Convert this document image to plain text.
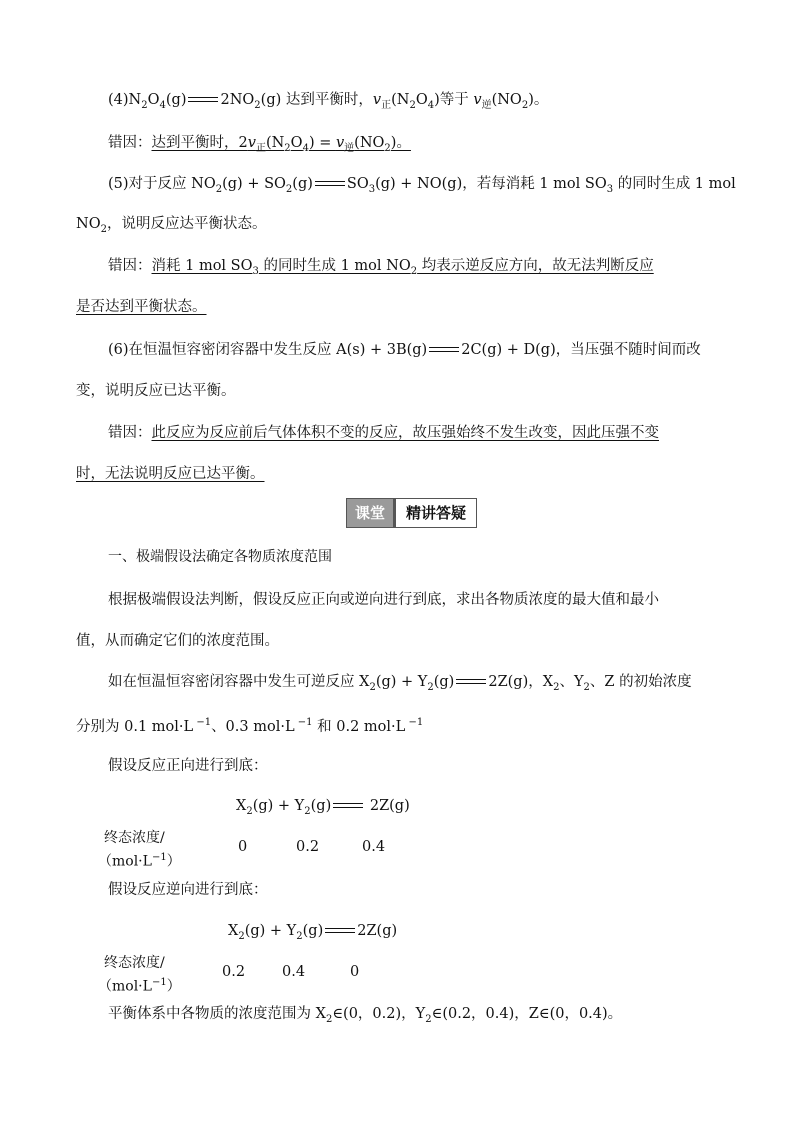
$(4)N_2O_4(g)$ $2NO_2(g)$ 达到平衡时，$v_正(N_2O_4)$等于 $v_逆(NO_2)$。
错因：达到平衡时，$2v_正(N_2O_4) = v_逆(NO_2)$。
(5)对于反应 $NO_2(g) + SO_2(g) SO_3(g) + NO(g)$，若每消耗 1 mol $SO_3$ 的同时生成 1 mol
$NO_2$，说明反应达平衡状态。
错因：消耗 1 mol $SO_3$ 的同时生成 1 mol $NO_2$ 均表示逆反应方向，故无法判断反应
是否达到平衡状态。
(6)在恒温恒容密闭容器中发生反应 A(s) + 3B(g) 2C(g) + D(g)，当压强不随时间而改
变，说明反应已达平衡。
错因：此反应为反应前后气体体积不变的反应，故压强始终不发生改变，因此压强不变
时，无法说明反应已达平衡。
课堂	精讲答疑
一、极端假设法确定各物质浓度范围
根据极端假设法判断，假设反应正向或逆向进行到底，求出各物质浓度的最大值和最小
值，从而确定它们的浓度范围。
如在恒温恒容密闭容器中发生可逆反应 $X_2(g) + Y_2(g)$ 2Z(g)，$X_2$、$Y_2$、Z 的初始浓度
分别为 0.1 mol·L $^{-1}$、0.3 mol·L $^{-1}$ 和 0.2 mol·L $^{-1}$
假设反应正向进行到底：
$X_2(g) + Y_2(g)$ 2Z(g)
终态浓度/
$(mol\cdot L^{-1})$
0	0.2	0.4
假设反应逆向进行到底：
$X_2(g) + Y_2(g)$ 2Z(g)
终态浓度/
$(mol\cdot L^{-1})$
0.2	0.4	0
平衡体系中各物质的浓度范围为 $X_2\in(0$，0.2)，$Y_2\in(0.2$，0.4)，Z∈(0，0.4)。
